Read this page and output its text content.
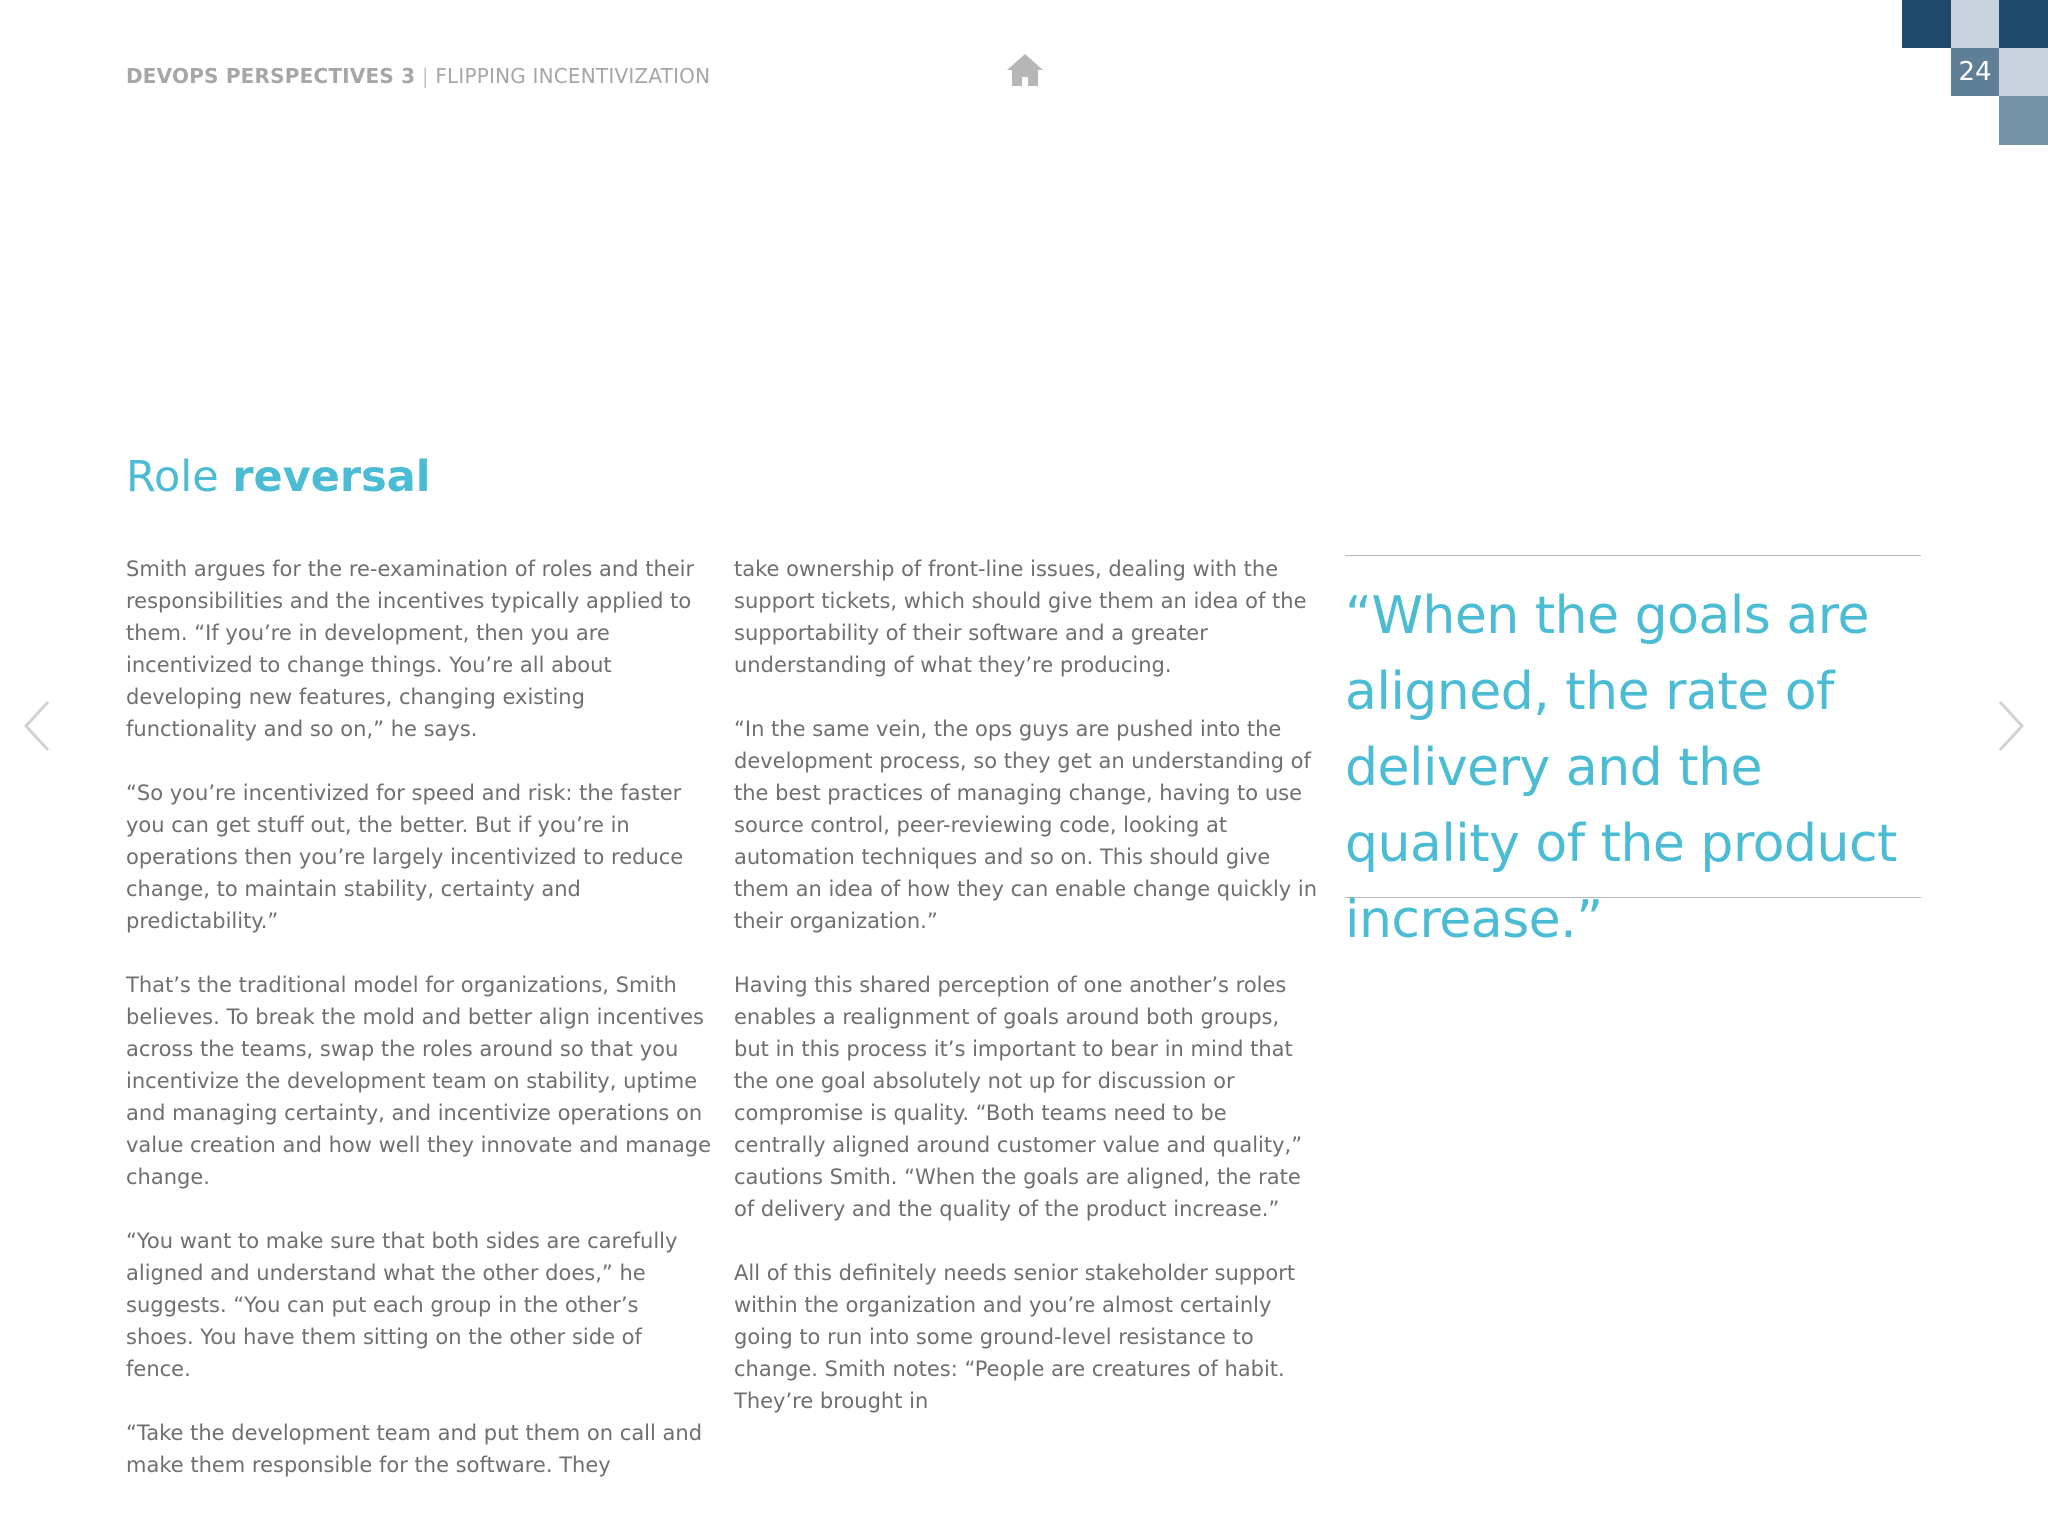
DEVOPS PERSPECTIVES 3 | FLIPPING INCENTIVIZATION	24
Role reversal

Smith argues for the re-examination of roles and their responsibilities and the incentives typically applied to them. “If you’re in development, then you are incentivized to change things. You’re all about developing new features, changing existing functionality and so on,” he says.

“So you’re incentivized for speed and risk: the faster you can get stuff out, the better. But if you’re in operations then you’re largely incentivized to reduce change, to maintain stability, certainty and predictability.”

That’s the traditional model for organizations, Smith believes. To break the mold and better align incentives across the teams, swap the roles around so that you incentivize the development team on stability, uptime and managing certainty, and incentivize operations on value creation and how well they innovate and manage change.

“You want to make sure that both sides are carefully aligned and understand what the other does,” he suggests. “You can put each group in the other’s shoes. You have them sitting on the other side of fence.

“Take the development team and put them on call and make them responsible for the software. They

take ownership of front-line issues, dealing with the support tickets, which should give them an idea of the supportability of their software and a greater understanding of what they’re producing.

“In the same vein, the ops guys are pushed into the development process, so they get an understanding of the best practices of managing change, having to use source control, peer-reviewing code, looking at automation techniques and so on. This should give them an idea of how they can enable change quickly in their organization.”

Having this shared perception of one another’s roles enables a realignment of goals around both groups, but in this process it’s important to bear in mind that the one goal absolutely not up for discussion or compromise is quality. “Both teams need to be centrally aligned around customer value and quality,” cautions Smith. “When the goals are aligned, the rate of delivery and the quality of the product increase.”

All of this definitely needs senior stakeholder support within the organization and you’re almost certainly going to run into some ground-level resistance to change. Smith notes: “People are creatures of habit. They’re brought in

“When the goals are aligned, the rate of delivery and the quality of the product increase.”
